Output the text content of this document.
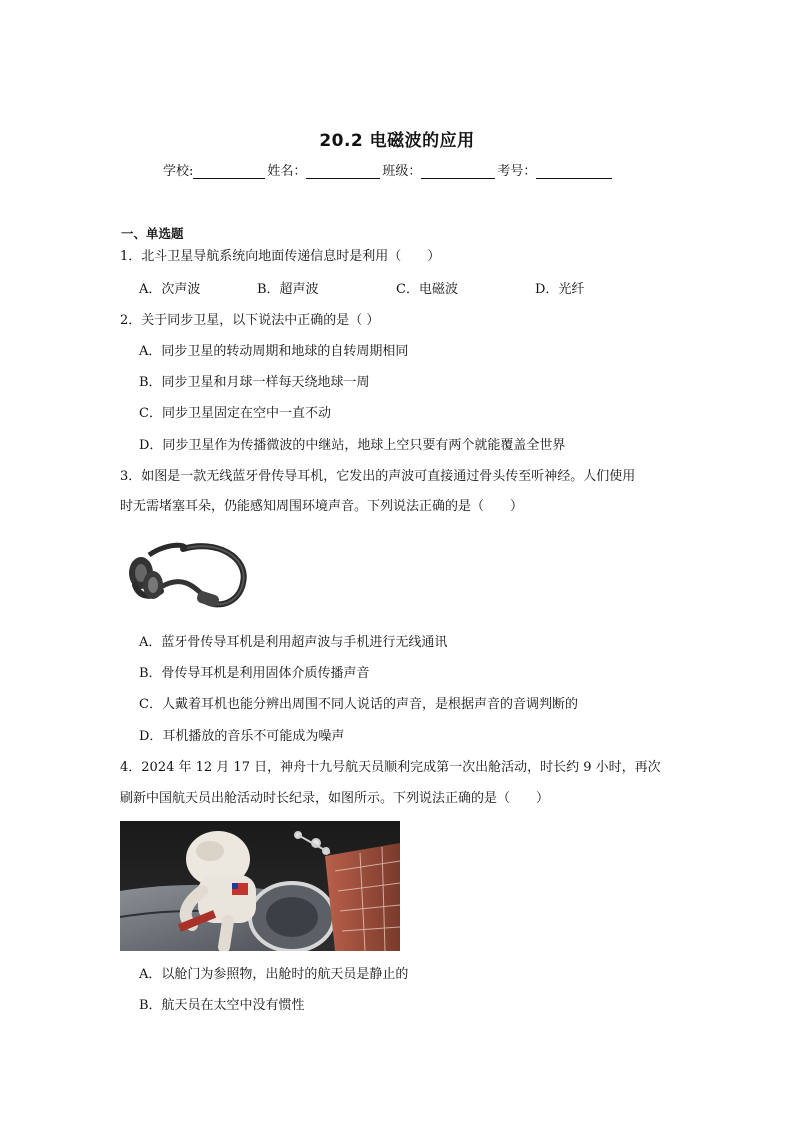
20.2 电磁波的应用
学校:	姓名：	班级：	考号：
一、单选题
1．北斗卫星导航系统向地面传递信息时是利用（　　）
A．次声波	B．超声波	C．电磁波	D．光纤
2．关于同步卫星，以下说法中正确的是（ ）
A．同步卫星的转动周期和地球的自转周期相同
B．同步卫星和月球一样每天绕地球一周
C．同步卫星固定在空中一直不动
D．同步卫星作为传播微波的中继站，地球上空只要有两个就能覆盖全世界
3．如图是一款无线蓝牙骨传导耳机，它发出的声波可直接通过骨头传至听神经。人们使用
时无需堵塞耳朵，仍能感知周围环境声音。下列说法正确的是（　　）
A．蓝牙骨传导耳机是利用超声波与手机进行无线通讯
B．骨传导耳机是利用固体介质传播声音
C．人戴着耳机也能分辨出周围不同人说话的声音，是根据声音的音调判断的
D．耳机播放的音乐不可能成为噪声
4．2024 年 12 月 17 日，神舟十九号航天员顺利完成第一次出舱活动，时长约 9 小时，再次
刷新中国航天员出舱活动时长纪录，如图所示。下列说法正确的是（　　）
A．以舱门为参照物，出舱时的航天员是静止的
B．航天员在太空中没有惯性
